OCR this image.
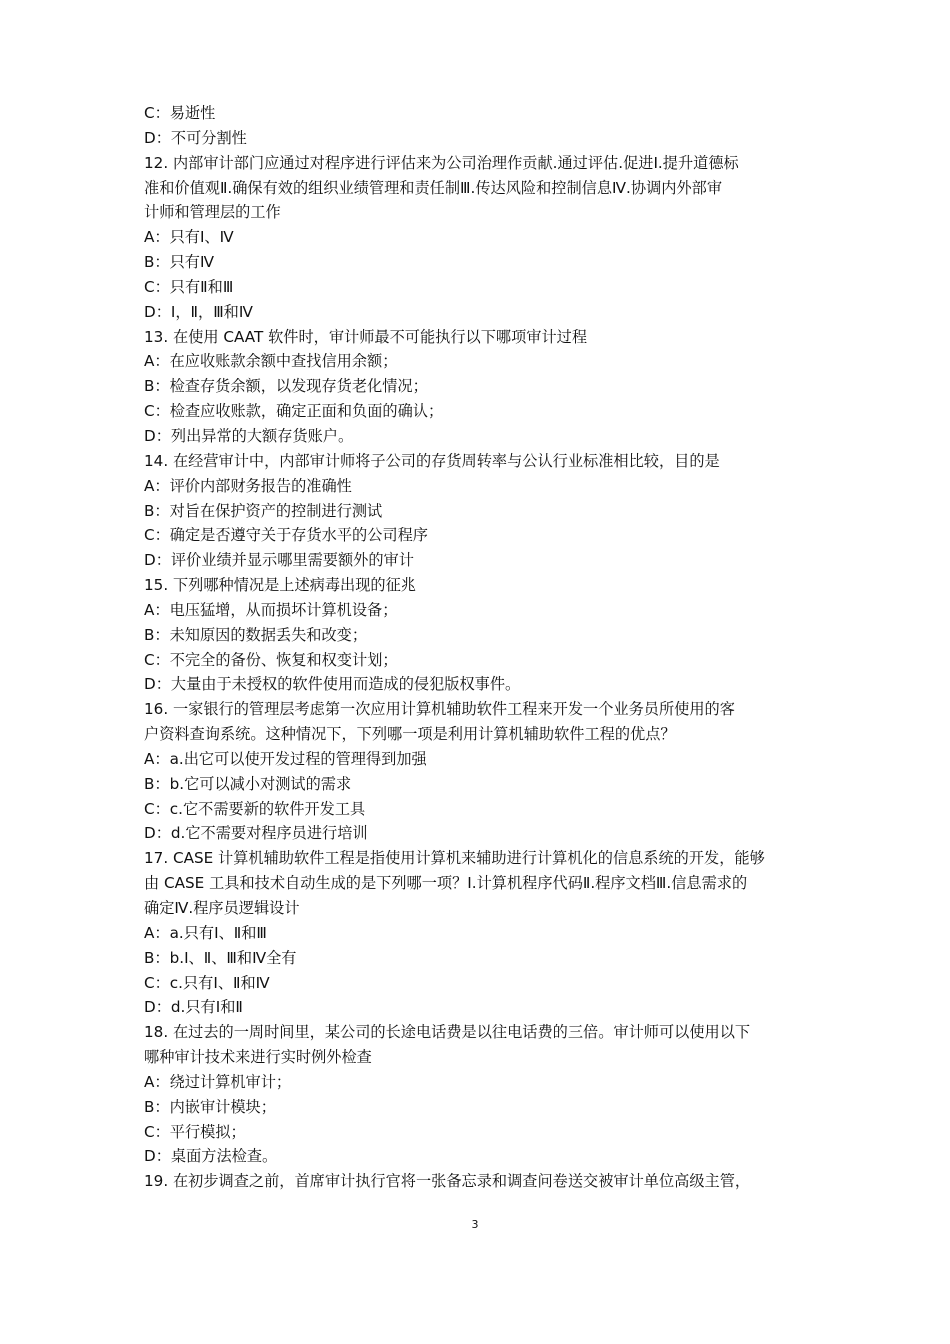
C：易逝性
D：不可分割性
12. 内部审计部门应通过对程序进行评估来为公司治理作贡献.通过评估.促进Ⅰ.提升道德标
准和价值观Ⅱ.确保有效的组织业绩管理和责任制Ⅲ.传达风险和控制信息Ⅳ.协调内外部审
计师和管理层的工作
A：只有Ⅰ、Ⅳ
B：只有Ⅳ
C：只有Ⅱ和Ⅲ
D：Ⅰ，Ⅱ，Ⅲ和Ⅳ
13. 在使用 CAAT 软件时，审计师最不可能执行以下哪项审计过程
A：在应收账款余额中查找信用余额；
B：检查存货余额，以发现存货老化情况；
C：检查应收账款，确定正面和负面的确认；
D：列出异常的大额存货账户。
14. 在经营审计中，内部审计师将子公司的存货周转率与公认行业标准相比较，目的是
A：评价内部财务报告的准确性
B：对旨在保护资产的控制进行测试
C：确定是否遵守关于存货水平的公司程序
D：评价业绩并显示哪里需要额外的审计
15. 下列哪种情况是上述病毒出现的征兆
A：电压猛增，从而损坏计算机设备；
B：未知原因的数据丢失和改变；
C：不完全的备份、恢复和权变计划；
D：大量由于未授权的软件使用而造成的侵犯版权事件。
16. 一家银行的管理层考虑第一次应用计算机辅助软件工程来开发一个业务员所使用的客
户资料查询系统。这种情况下，下列哪一项是利用计算机辅助软件工程的优点？
A：a.出它可以使开发过程的管理得到加强
B：b.它可以减小对测试的需求
C：c.它不需要新的软件开发工具
D：d.它不需要对程序员进行培训
17. CASE 计算机辅助软件工程是指使用计算机来辅助进行计算机化的信息系统的开发，能够
由 CASE 工具和技术自动生成的是下列哪一项？Ⅰ.计算机程序代码Ⅱ.程序文档Ⅲ.信息需求的
确定Ⅳ.程序员逻辑设计
A：a.只有Ⅰ、Ⅱ和Ⅲ
B：b.Ⅰ、Ⅱ、Ⅲ和Ⅳ全有
C：c.只有Ⅰ、Ⅱ和Ⅳ
D：d.只有Ⅰ和Ⅱ
18. 在过去的一周时间里，某公司的长途电话费是以往电话费的三倍。审计师可以使用以下
哪种审计技术来进行实时例外检查
A：绕过计算机审计；
B：内嵌审计模块；
C：平行模拟；
D：桌面方法检查。
19. 在初步调查之前，首席审计执行官将一张备忘录和调查问卷送交被审计单位高级主管，
3
